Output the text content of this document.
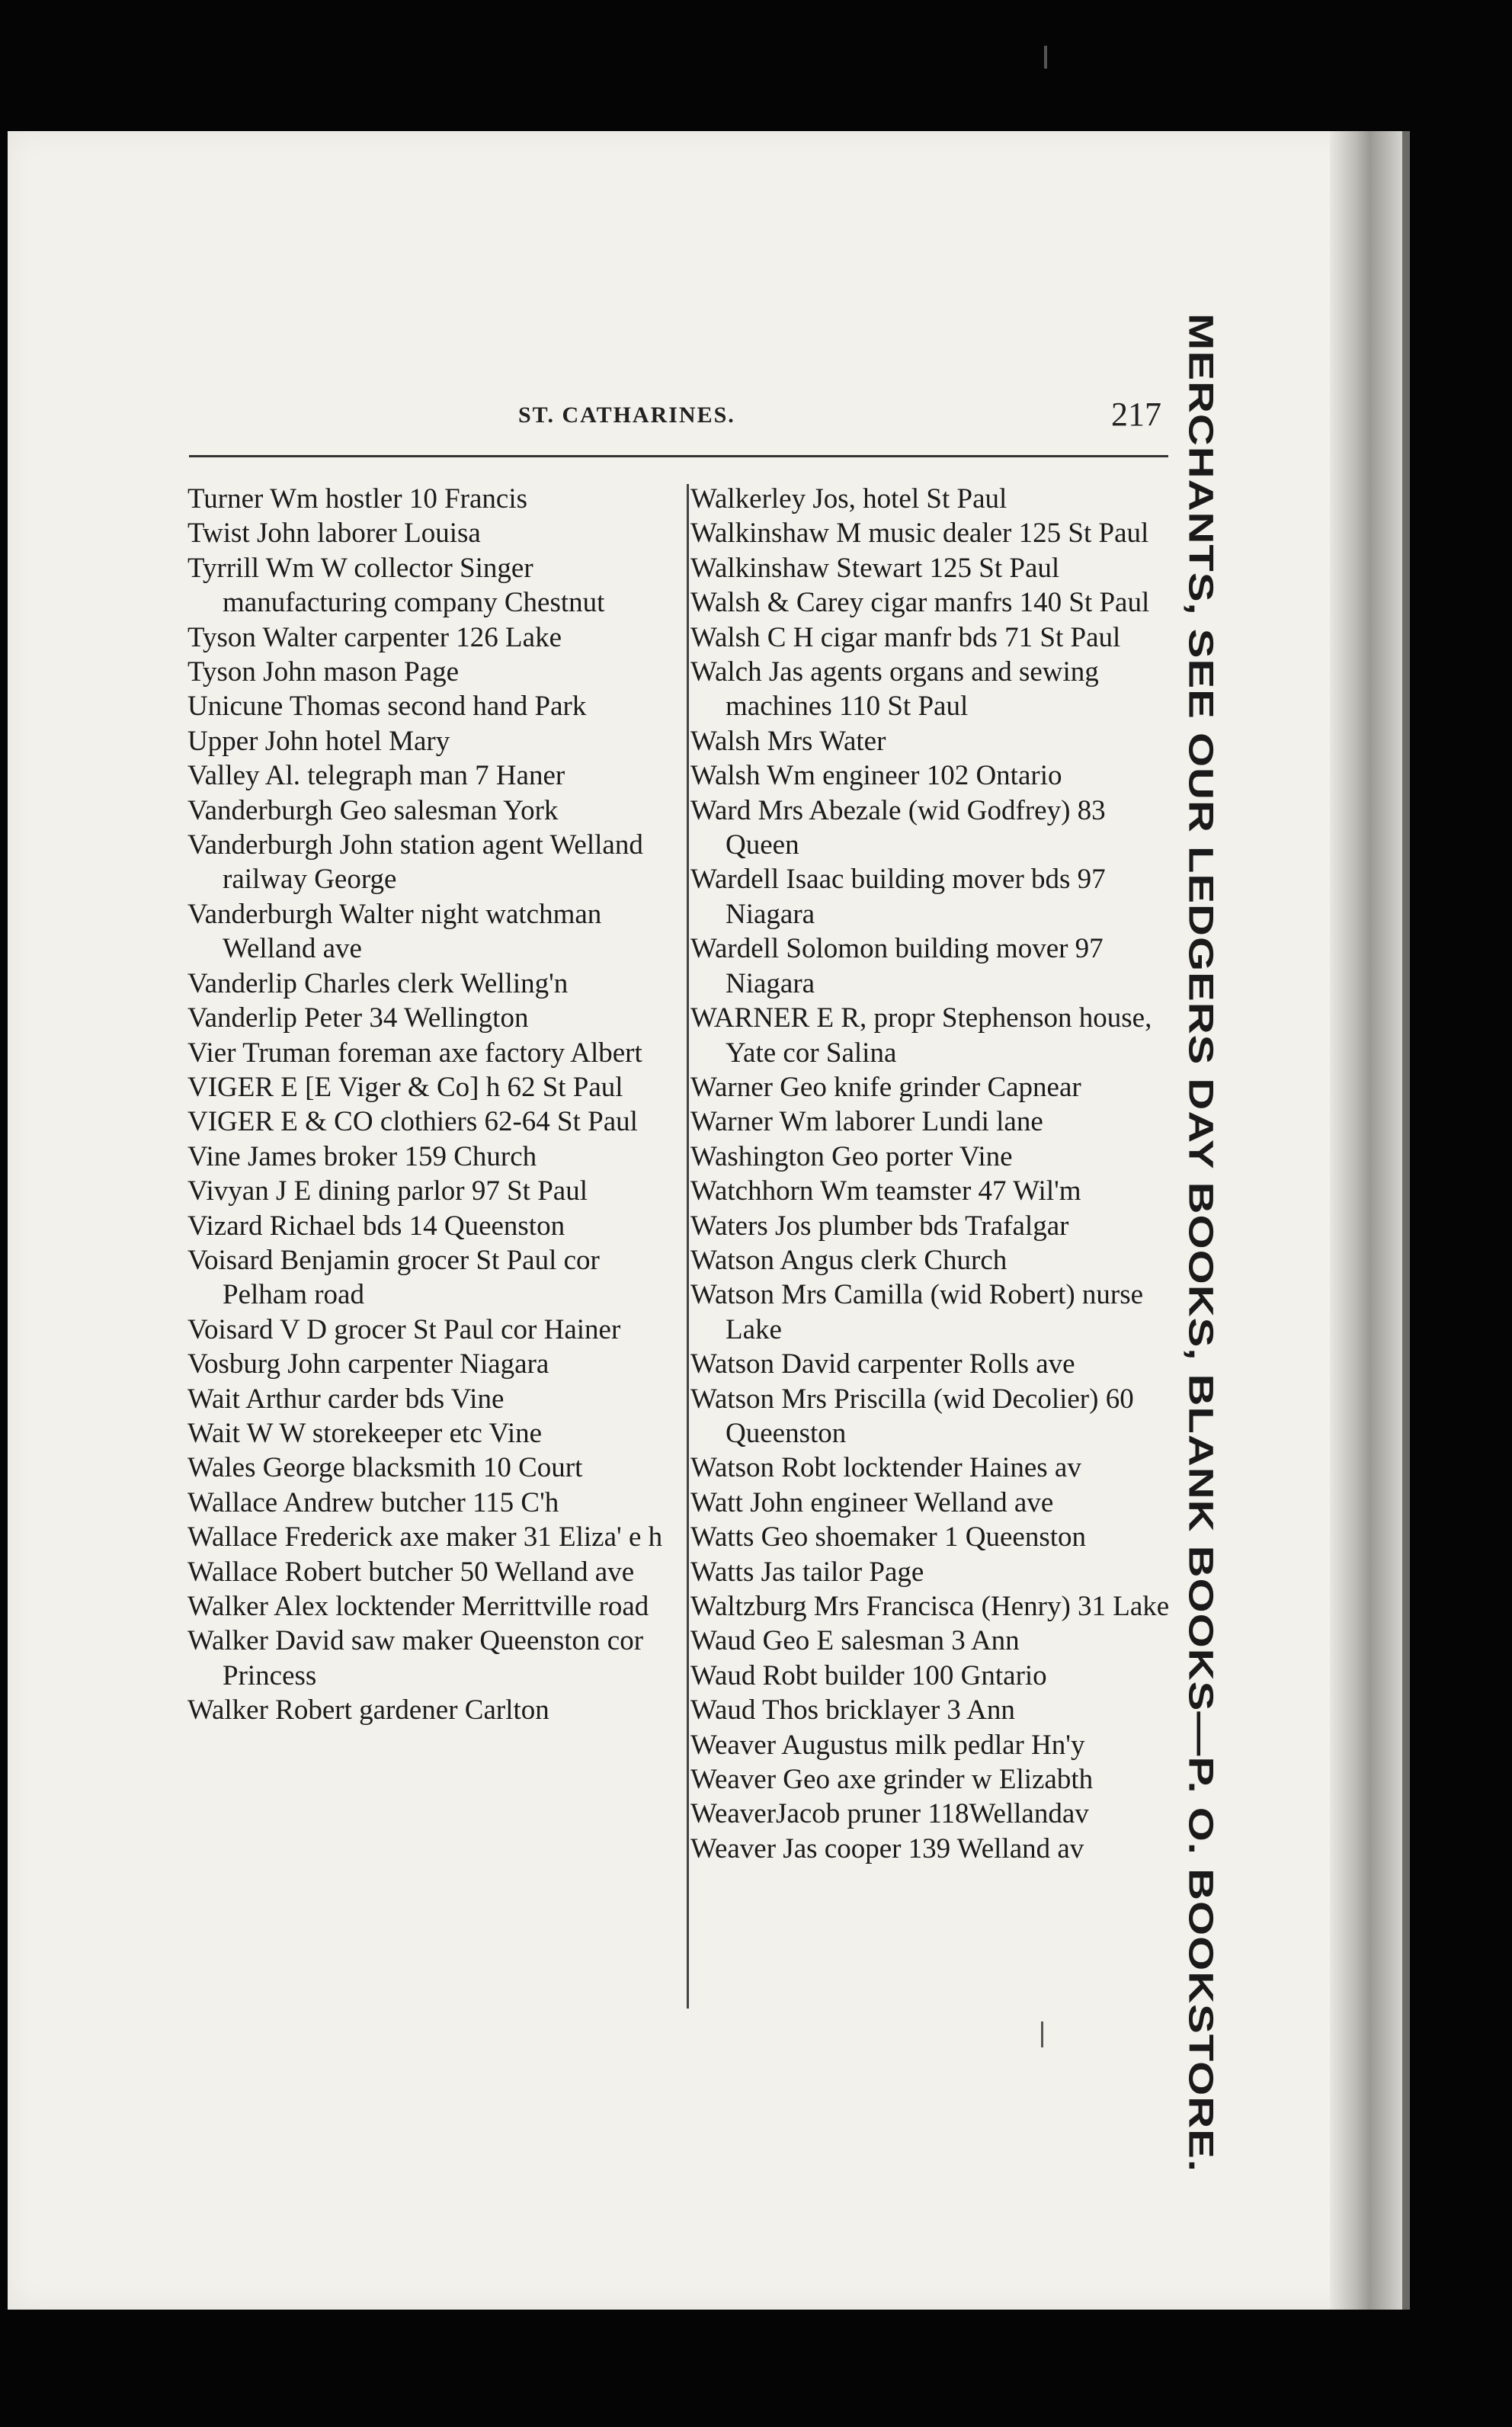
ST. CATHARINES.	217

Turner Wm hostler 10 Francis

Twist John laborer Louisa

Tyrrill Wm W collector Singer manufacturing company Chestnut

Tyson Walter carpenter 126 Lake

Tyson John mason Page

Unicune Thomas second hand Park

Upper John hotel Mary

Valley Al. telegraph man 7 Haner

Vanderburgh Geo salesman York

Vanderburgh John station agent Welland railway George

Vanderburgh Walter night watchman Welland ave

Vanderlip Charles clerk Welling'n

Vanderlip Peter 34 Wellington

Vier Truman foreman axe factory Albert

VIGER E [E Viger & Co] h 62 St Paul

VIGER E & CO clothiers 62-64 St Paul

Vine James broker 159 Church

Vivyan J E dining parlor 97 St Paul

Vizard Richael bds 14 Queenston

Voisard Benjamin grocer St Paul cor Pelham road

Voisard V D grocer St Paul cor Hainer

Vosburg John carpenter Niagara

Wait Arthur carder bds Vine

Wait W W storekeeper etc Vine

Wales George blacksmith 10 Court

Wallace Andrew butcher 115 C'h

Wallace Frederick axe maker 31 Eliza' e h

Wallace Robert butcher 50 Welland ave

Walker Alex locktender Merrittville road

Walker David saw maker Queenston cor Princess

Walker Robert gardener Carlton

Walkerley Jos, hotel St Paul

Walkinshaw M music dealer 125 St Paul

Walkinshaw Stewart 125 St Paul

Walsh & Carey cigar manfrs 140 St Paul

Walsh C H cigar manfr bds 71 St Paul

Walch Jas agents organs and sewing machines 110 St Paul

Walsh Mrs Water

Walsh Wm engineer 102 Ontario

Ward Mrs Abezale (wid Godfrey) 83 Queen

Wardell Isaac building mover bds 97 Niagara

Wardell Solomon building mover 97 Niagara

WARNER E R, propr Stephenson house, Yate cor Salina

Warner Geo knife grinder Capnear

Warner Wm laborer Lundi lane

Washington Geo porter Vine

Watchhorn Wm teamster 47 Wil'm

Waters Jos plumber bds Trafalgar

Watson Angus clerk Church

Watson Mrs Camilla (wid Robert) nurse Lake

Watson David carpenter Rolls ave

Watson Mrs Priscilla (wid Decolier) 60 Queenston

Watson Robt locktender Haines av

Watt John engineer Welland ave

Watts Geo shoemaker 1 Queenston

Watts Jas tailor Page

Waltzburg Mrs Francisca (Henry) 31 Lake

Waud Geo E salesman 3 Ann

Waud Robt builder 100 Gntario

Waud Thos bricklayer 3 Ann

Weaver Augustus milk pedlar Hn'y

Weaver Geo axe grinder w Elizabth

WeaverJacob pruner 118Wellandav

Weaver Jas cooper 139 Welland av	MERCHANTS, SEE OUR LEDGERS DAY BOOKS, BLANK BOOKS—P. O. BOOKSTORE.
